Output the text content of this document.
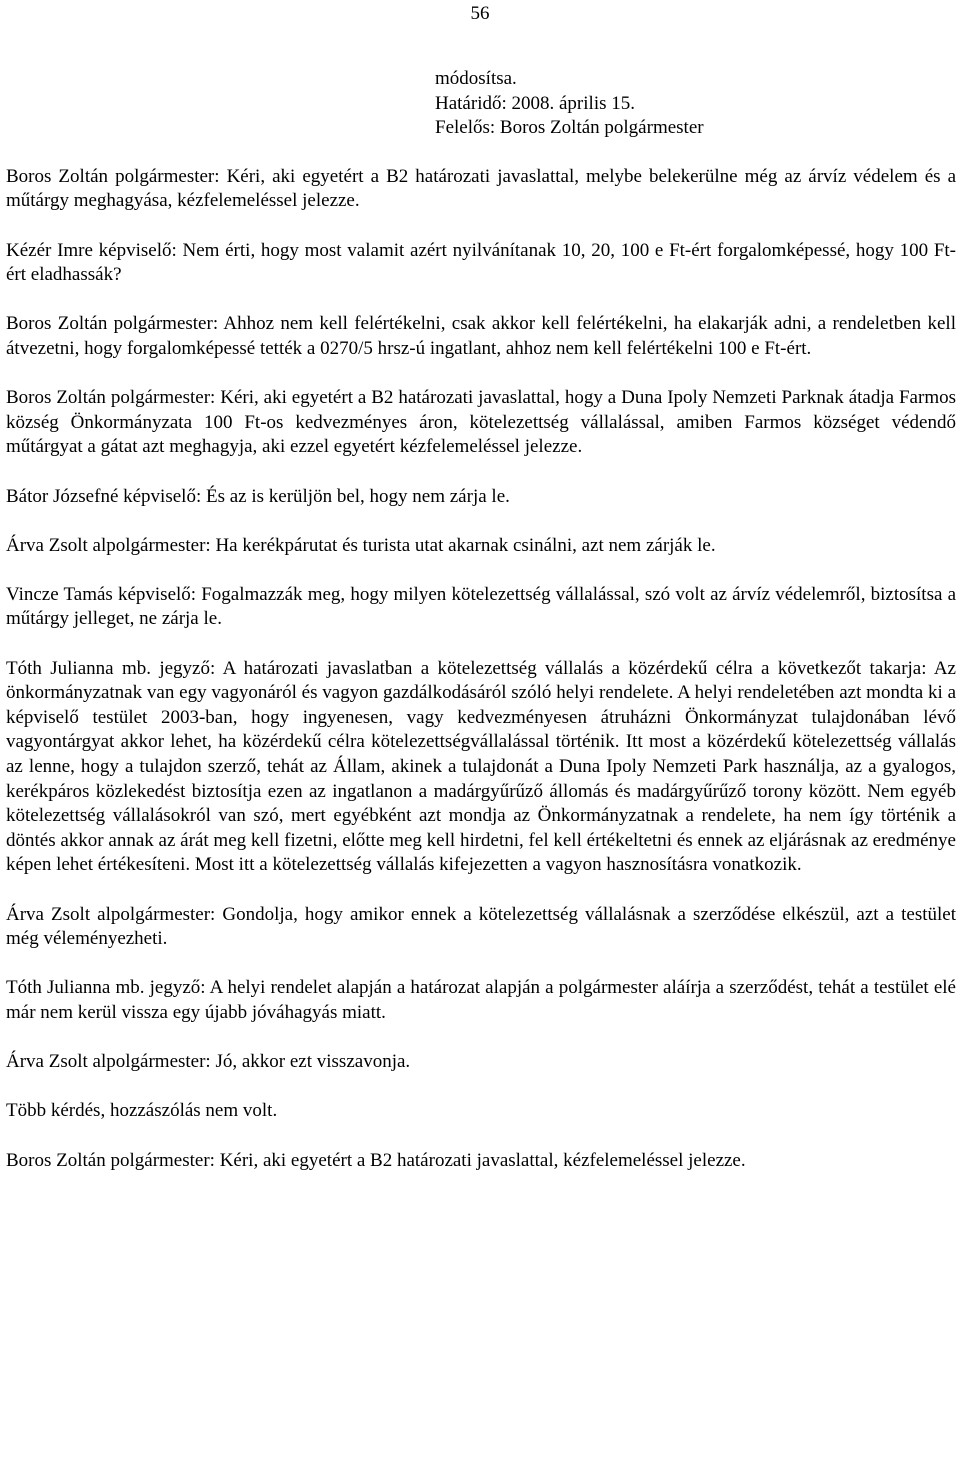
56
módosítsa.
Határidő: 2008. április 15.
Felelős: Boros Zoltán polgármester

Boros Zoltán polgármester: Kéri, aki egyetért a B2 határozati javaslattal, melybe belekerülne még az árvíz védelem és a műtárgy meghagyása, kézfelemeléssel jelezze.

Kézér Imre képviselő: Nem érti, hogy most valamit azért nyilvánítanak 10, 20, 100 e Ft-ért forgalomképessé, hogy 100 Ft-ért eladhassák?

Boros Zoltán polgármester: Ahhoz nem kell felértékelni, csak akkor kell felértékelni, ha elakarják adni, a rendeletben kell átvezetni, hogy forgalomképessé tették a 0270/5 hrsz-ú ingatlant, ahhoz nem kell felértékelni 100 e Ft-ért.

Boros Zoltán polgármester: Kéri, aki egyetért a B2 határozati javaslattal, hogy a Duna Ipoly Nemzeti Parknak átadja Farmos község Önkormányzata 100 Ft-os kedvezményes áron, kötelezettség vállalással, amiben Farmos községet védendő műtárgyat a gátat azt meghagyja, aki ezzel egyetért kézfelemeléssel jelezze.

Bátor Józsefné képviselő: És az is kerüljön bel, hogy nem zárja le.

Árva Zsolt alpolgármester: Ha kerékpárutat és turista utat akarnak csinálni, azt nem zárják le.

Vincze Tamás képviselő: Fogalmazzák meg, hogy milyen kötelezettség vállalással, szó volt az árvíz védelemről, biztosítsa a műtárgy jelleget, ne zárja le.

Tóth Julianna mb. jegyző: A határozati javaslatban a kötelezettség vállalás a közérdekű célra a következőt takarja: Az önkormányzatnak van egy vagyonáról és vagyon gazdálkodásáról szóló helyi rendelete. A helyi rendeletében azt mondta ki a képviselő testület 2003-ban, hogy ingyenesen, vagy kedvezményesen átruházni Önkormányzat tulajdonában lévő vagyontárgyat akkor lehet, ha közérdekű célra kötelezettségvállalással történik. Itt most a közérdekű kötelezettség vállalás az lenne, hogy a tulajdon szerző, tehát az Állam, akinek a tulajdonát a Duna Ipoly Nemzeti Park használja, az a gyalogos, kerékpáros közlekedést biztosítja ezen az ingatlanon a madárgyűrűző állomás és madárgyűrűző torony között. Nem egyéb kötelezettség vállalásokról van szó, mert egyébként azt mondja az Önkormányzatnak a rendelete, ha nem így történik a döntés akkor annak az árát meg kell fizetni, előtte meg kell hirdetni, fel kell értékeltetni és ennek az eljárásnak az eredménye képen lehet értékesíteni. Most itt a kötelezettség vállalás kifejezetten a vagyon hasznosításra vonatkozik.

Árva Zsolt alpolgármester: Gondolja, hogy amikor ennek a kötelezettség vállalásnak a szerződése elkészül, azt a testület még véleményezheti.

Tóth Julianna mb. jegyző: A helyi rendelet alapján a határozat alapján a polgármester aláírja a szerződést, tehát a testület elé már nem kerül vissza egy újabb jóváhagyás miatt.

Árva Zsolt alpolgármester: Jó, akkor ezt visszavonja.

Több kérdés, hozzászólás nem volt.

Boros Zoltán polgármester: Kéri, aki egyetért a B2 határozati javaslattal, kézfelemeléssel jelezze.
